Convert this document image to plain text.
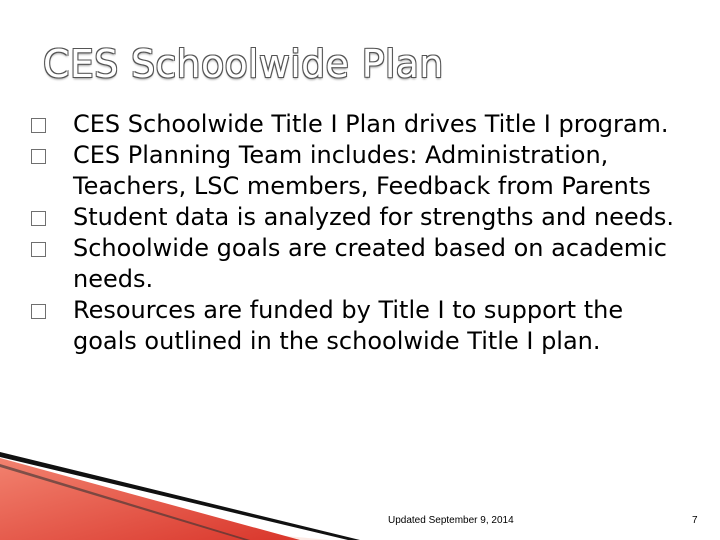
CES Schoolwide Plan
CES Schoolwide Title I Plan drives Title I program.
CES Planning Team includes: Administration, Teachers, LSC members, Feedback from Parents
Student data is analyzed for strengths and needs.
Schoolwide goals are created based on academic needs.
Resources are funded by Title I to support the goals outlined in the schoolwide Title I plan.
Updated September 9, 2014	7
